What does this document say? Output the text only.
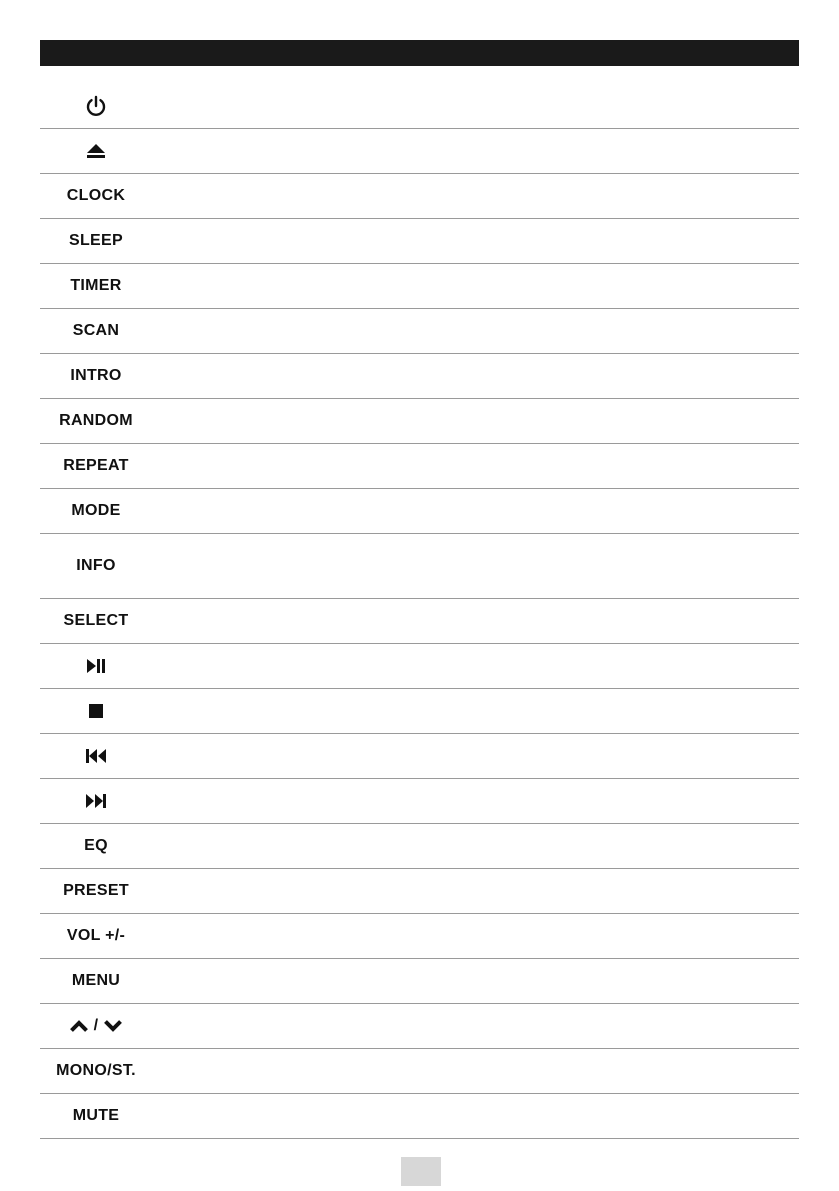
CLOCK
SLEEP
TIMER
SCAN
INTRO
RANDOM
REPEAT
MODE
INFO
SELECT
EQ
PRESET
VOL +/-
MENU
/
MONO/ST.
MUTE
